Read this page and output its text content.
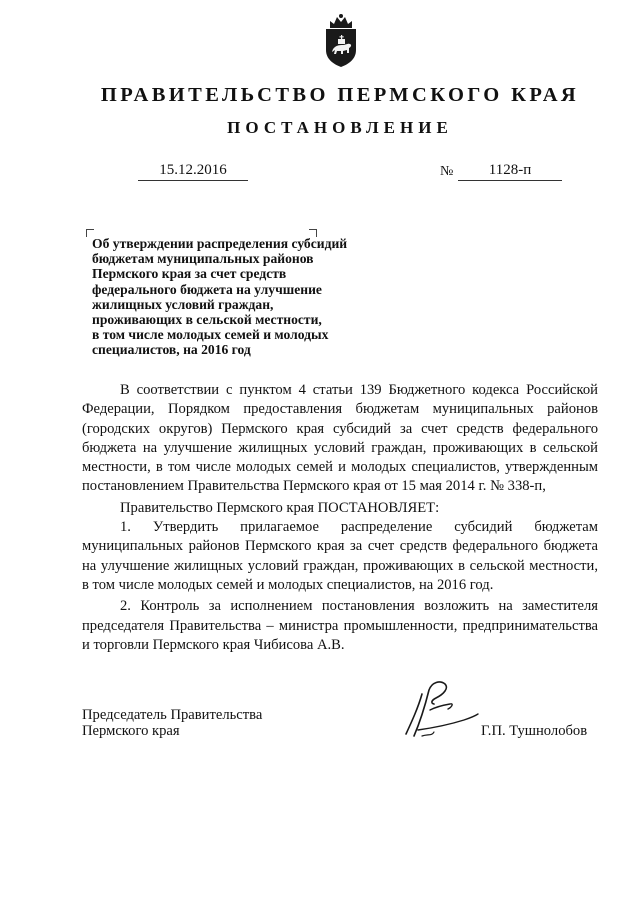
ПРАВИТЕЛЬСТВО ПЕРМСКОГО КРАЯ
ПОСТАНОВЛЕНИЕ
15.12.2016	№	1128-п
Об утверждении распределения субсидий
бюджетам муниципальных районов
Пермского края за счет средств
федерального бюджета на улучшение
жилищных условий граждан,
проживающих в сельской местности,
в том числе молодых семей и молодых
специалистов, на 2016 год

В соответствии с пунктом 4 статьи 139 Бюджетного кодекса Российской Федерации, Порядком предоставления бюджетам муниципальных районов (городских округов) Пермского края субсидий за счет средств федерального бюджета на улучшение жилищных условий граждан, проживающих в сельской местности, в том числе молодых семей и молодых специалистов, утвержденным постановлением Правительства Пермского края от 15 мая 2014 г. № 338-п,

Правительство Пермского края ПОСТАНОВЛЯЕТ:

1. Утвердить прилагаемое распределение субсидий бюджетам муниципальных районов Пермского края за счет средств федерального бюджета на улучшение жилищных условий граждан, проживающих в сельской местности, в том числе молодых семей и молодых специалистов, на 2016 год.

2. Контроль за исполнением постановления возложить на заместителя председателя Правительства – министра промышленности, предпринимательства и торговли Пермского края Чибисова А.В.

Председатель Правительства
Пермского края	Г.П. Тушнолобов
